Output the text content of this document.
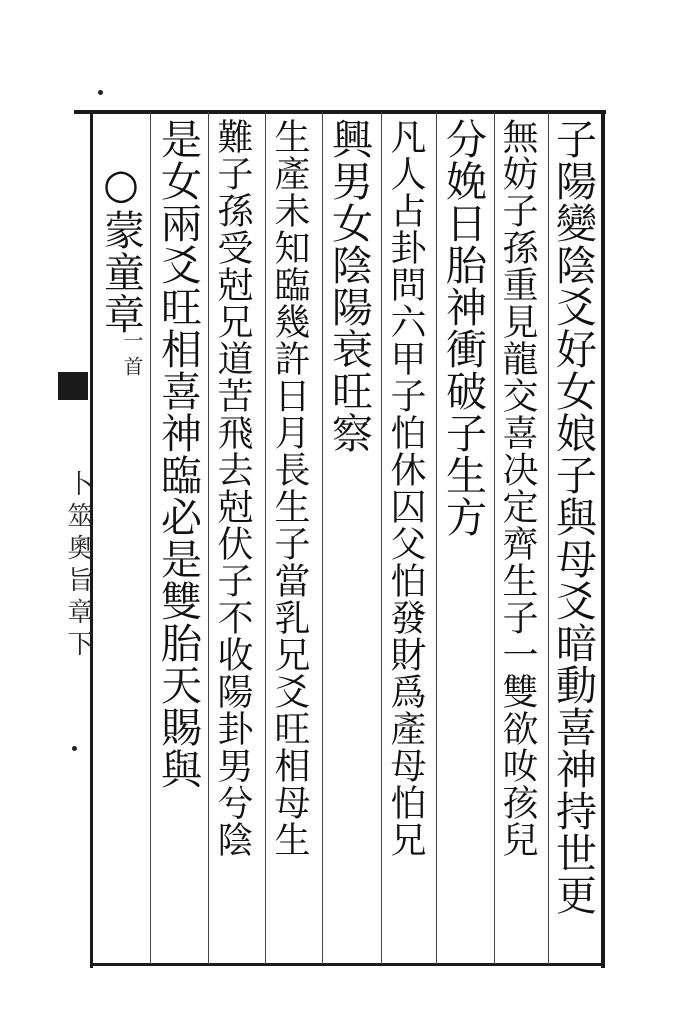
子陽變陰爻好女娘子與母爻暗動喜神持世更
無妨子孫重見龍交喜决定齊生子一雙欲𠯆孩兒
分娩日胎神衝破子生方
凡人占卦問六甲子怕休囚父怕發財爲產母怕兄
興男女陰陽衰旺察
生產未知臨幾許日月長生子當乳兄爻旺相母生
難子孫受尅兄道苦飛去尅伏子不收陽卦男兮陰
是女兩爻旺相喜神臨必是雙胎天賜與
○蒙童章
一首
卜筮奧旨章下
